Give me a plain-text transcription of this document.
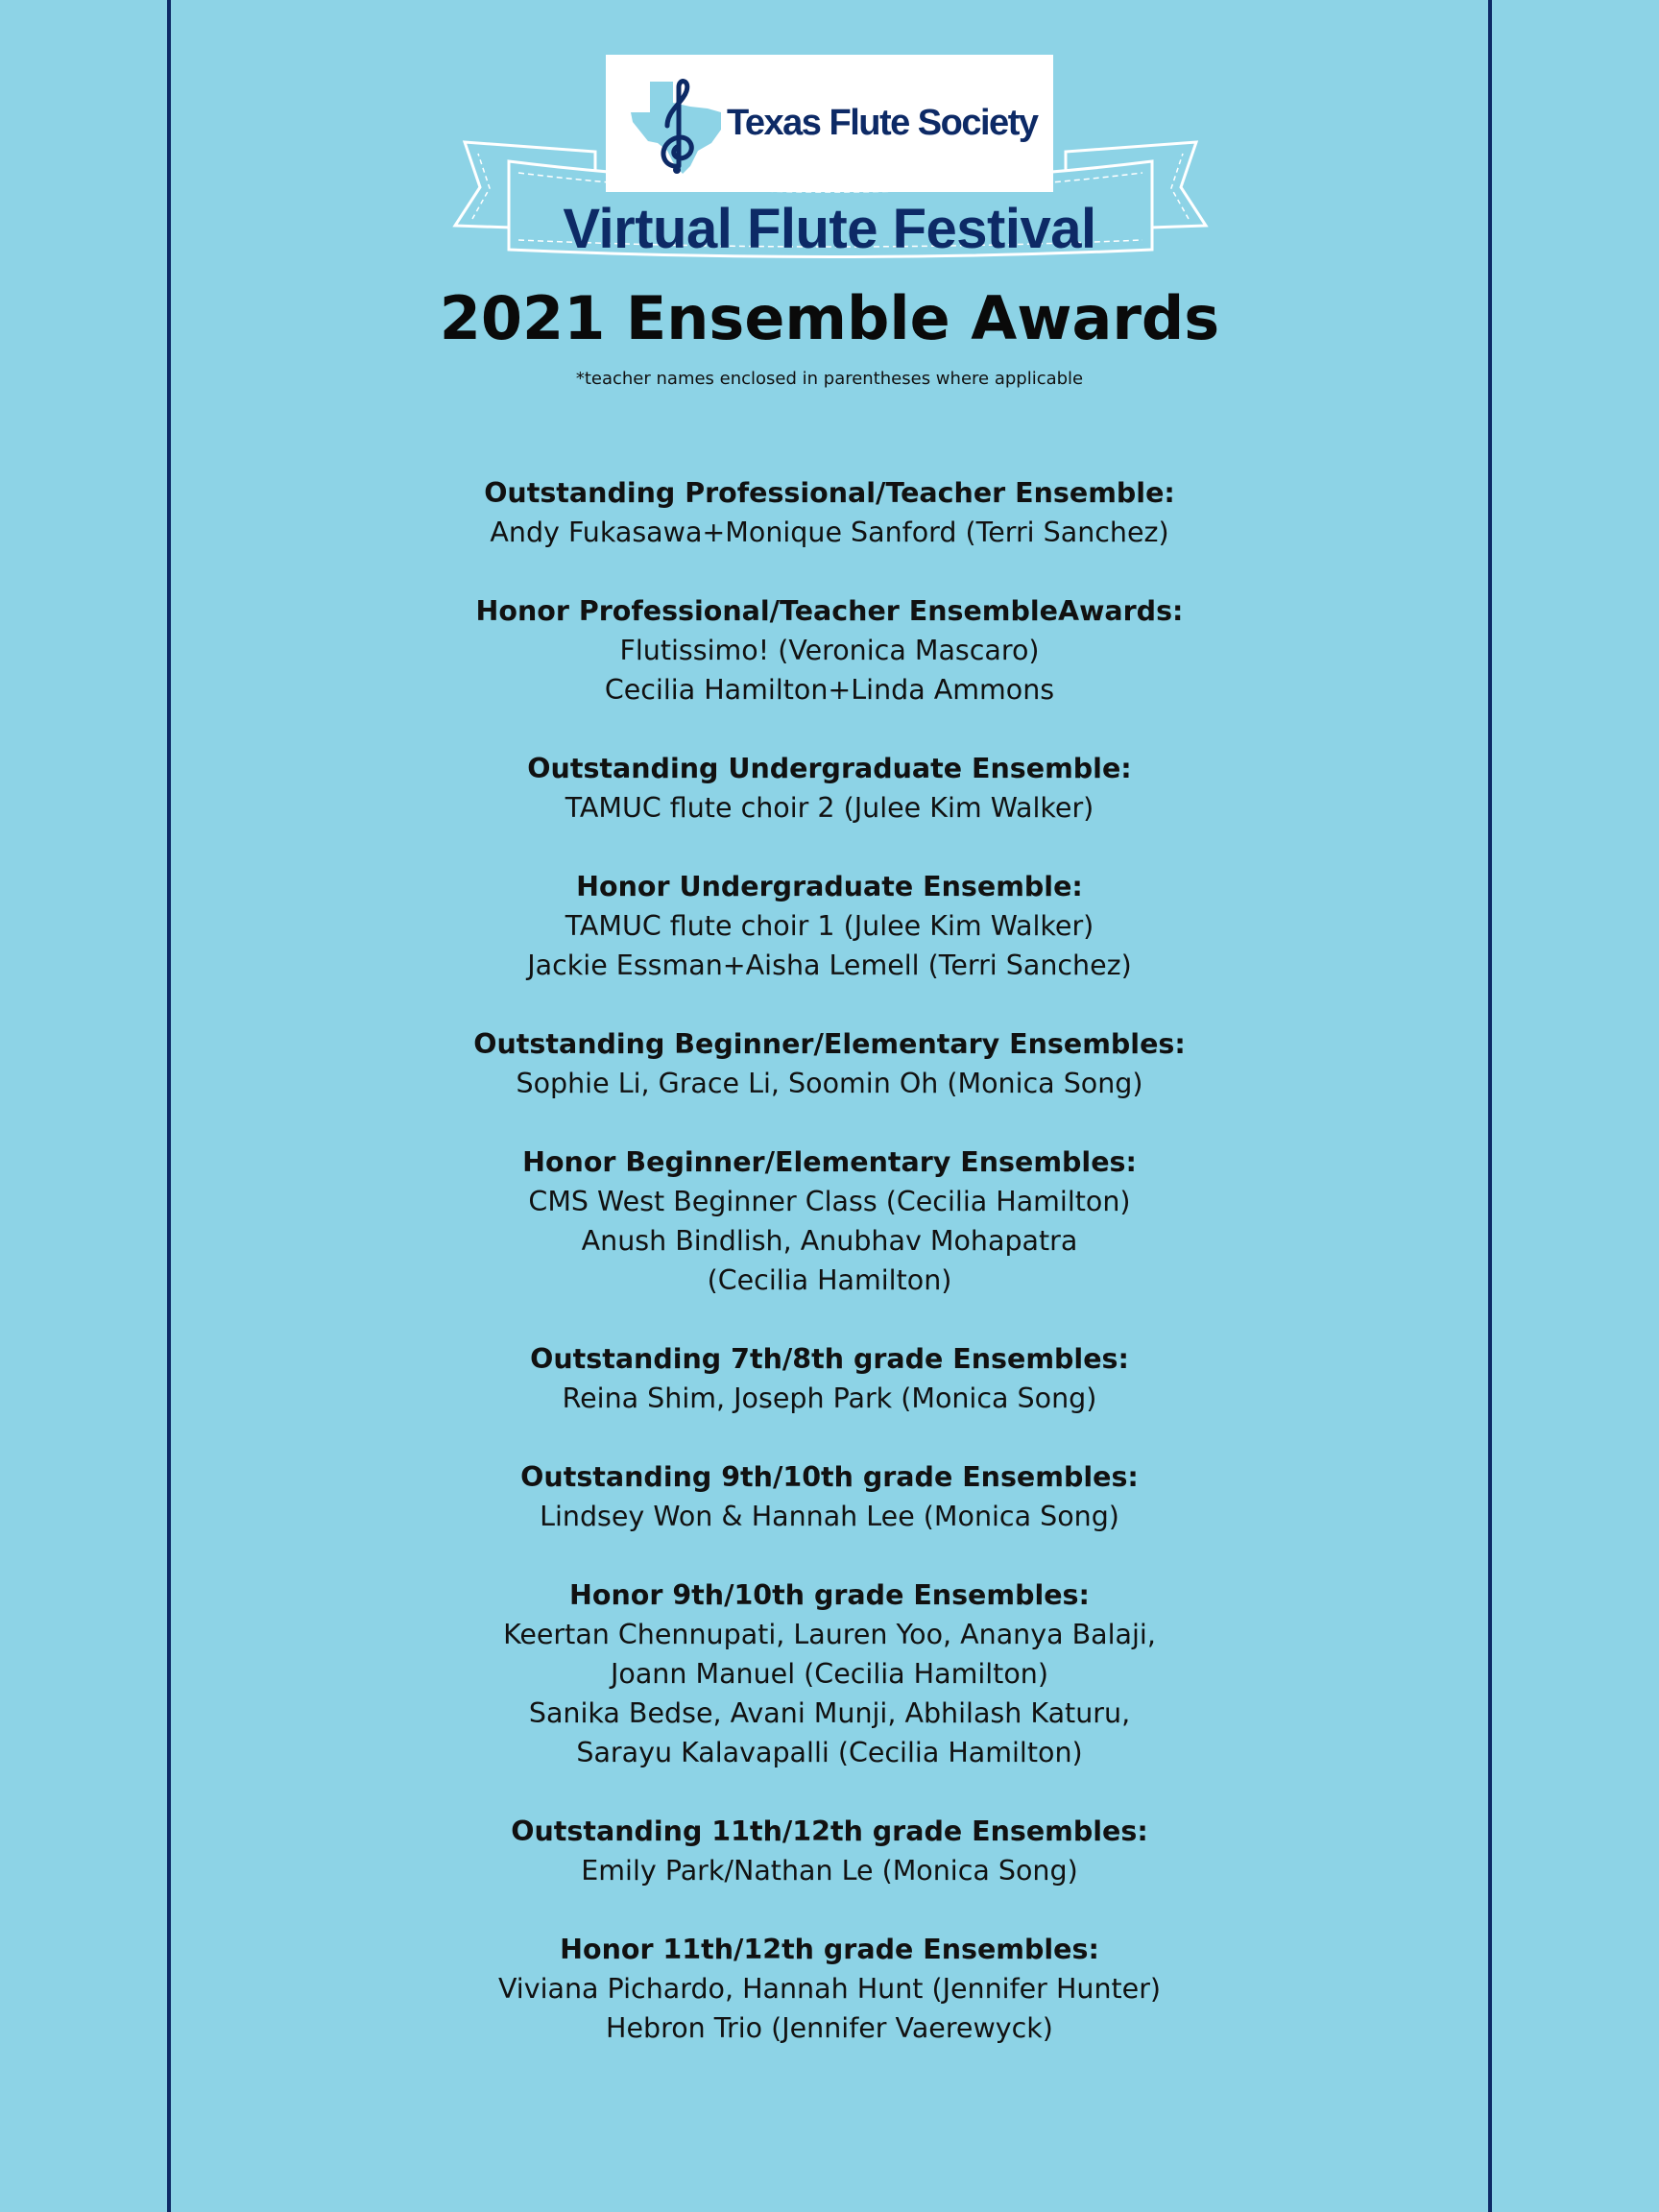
Texas Flute Society
Virtual Flute Festival
2021 Ensemble Awards
*teacher names enclosed in parentheses where applicable
Outstanding Professional/Teacher Ensemble:
Andy Fukasawa+Monique Sanford (Terri Sanchez)
Honor Professional/Teacher EnsembleAwards:
Flutissimo! (Veronica Mascaro)
Cecilia Hamilton+Linda Ammons
Outstanding Undergraduate Ensemble:
TAMUC flute choir 2 (Julee Kim Walker)
Honor Undergraduate Ensemble:
TAMUC flute choir 1 (Julee Kim Walker)
Jackie Essman+Aisha Lemell (Terri Sanchez)
Outstanding Beginner/Elementary Ensembles:
Sophie Li, Grace Li, Soomin Oh (Monica Song)
Honor Beginner/Elementary Ensembles:
CMS West Beginner Class (Cecilia Hamilton)
Anush Bindlish, Anubhav Mohapatra
(Cecilia Hamilton)
Outstanding 7th/8th grade Ensembles:
Reina Shim, Joseph Park (Monica Song)
Outstanding 9th/10th grade Ensembles:
Lindsey Won & Hannah Lee (Monica Song)
Honor 9th/10th grade Ensembles:
Keertan Chennupati, Lauren Yoo, Ananya Balaji,
Joann Manuel (Cecilia Hamilton)
Sanika Bedse, Avani Munji, Abhilash Katuru,
Sarayu Kalavapalli (Cecilia Hamilton)
Outstanding 11th/12th grade Ensembles:
Emily Park/Nathan Le (Monica Song)
Honor 11th/12th grade Ensembles:
Viviana Pichardo, Hannah Hunt (Jennifer Hunter)
Hebron Trio (Jennifer Vaerewyck)
